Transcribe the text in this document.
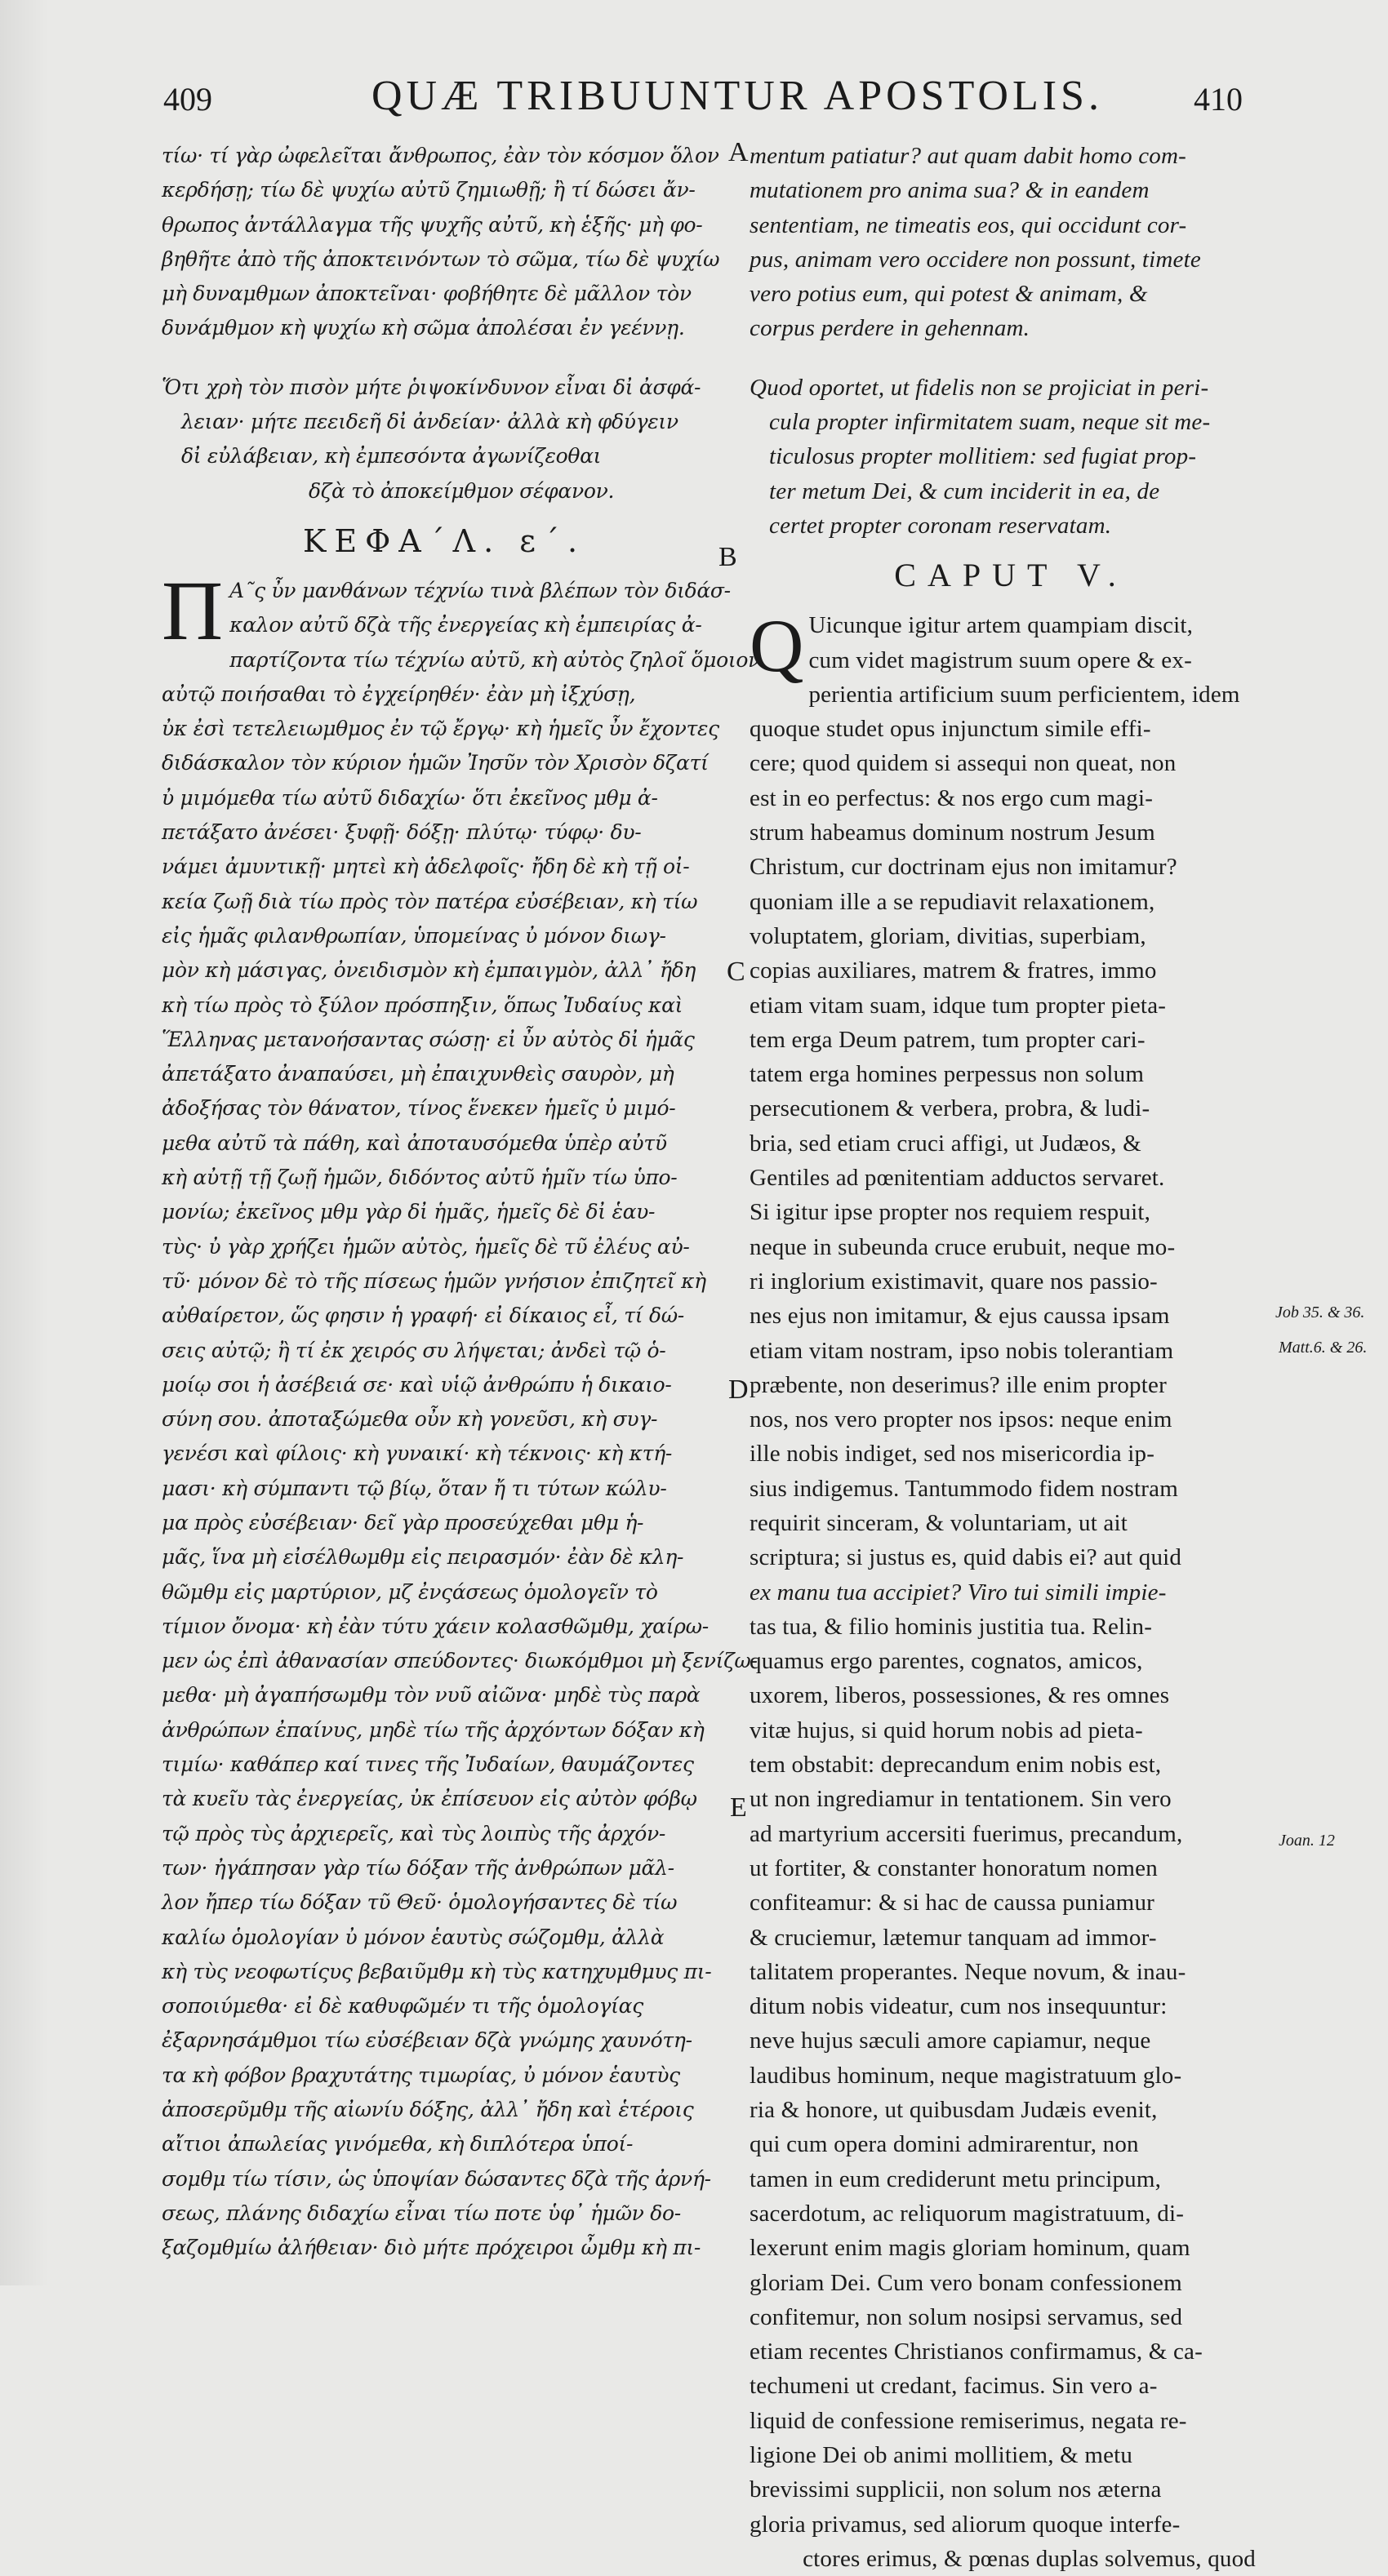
409	QUÆ TRIBUUNTUR APOSTOLIS.	410
τίω· τί γὰρ ὠφελεῖται ἄνθρωπος, ἐὰν τὸν κόσμον ὅλον
κερδήσῃ; τίω δὲ ψυχίω αὐτῦ ζημιωθῇ; ἢ τί δώσει ἄν-
θρωπος ἀντάλλαγμα τῆς ψυχῆς αὐτῦ, κὴ ἑξῆς· μὴ φο-
βηθῆτε ἀπὸ τῆς ἀποκτεινόντων τὸ σῶμα, τίω δὲ ψυχίω
μὴ δυναμθμων ἀποκτεῖναι· φοβήθητε δὲ μᾶλλον τὸν
δυνάμθμον κὴ ψυχίω κὴ σῶμα ἀπολέσαι ἐν γεέννῃ.
Ὅτι χρὴ τὸν πισὸν μήτε ῥιψοκίνδυνον εἶναι δἰ ἀσφά-
λειαν· μήτε πεειδεῆ δἰ ἀνδείαν· ἀλλὰ κὴ φδύγειν
δἰ εὐλάβειαν, κὴ ἐμπεσόντα ἀγωνίζεοθαι
δζὰ τὸ ἀποκείμθμον σέφανον.
ΚΕΦΑ´Λ. ε´.
Π Α῀ς ὖν μανθάνων τέχνίω τινὰ βλέπων τὸν διδάσ-
καλον αὐτῦ δζὰ τῆς ἐνεργείας κὴ ἐμπειρίας ἀ-
παρτίζοντα τίω τέχνίω αὐτῦ, κὴ αὐτὸς ζηλοῖ ὅμοιον
αὐτῷ ποιήσαθαι τὸ ἐγχείρηθέν· ἐὰν μὴ ἰξχύσῃ,
ὐκ ἐσὶ τετελειωμθμος ἐν τῷ ἔργῳ· κὴ ἡμεῖς ὖν ἔχοντες
διδάσκαλον τὸν κύριον ἡμῶν Ἰησῦν τὸν Χρισὸν δζατί
ὐ μιμόμεθα τίω αὐτῦ διδαχίω· ὅτι ἐκεῖνος μθμ ἀ-
πετάξατο ἀνέσει· ξυφῇ· δόξῃ· πλύτῳ· τύφῳ· δυ-
νάμει ἀμυντικῇ· μητεὶ κὴ ἀδελφοῖς· ἤδη δὲ κὴ τῇ οἰ-
κεία ζωῇ διὰ τίω πρὸς τὸν πατέρα εὐσέβειαν, κὴ τίω
εἰς ἡμᾶς φιλανθρωπίαν, ὑπομείνας ὐ μόνον διωγ-
μὸν κὴ μάσιγας, ὀνειδισμὸν κὴ ἐμπαιγμὸν, ἀλλ᾽ ἤδη
κὴ τίω πρὸς τὸ ξύλον πρόσπηξιν, ὅπως Ἰυδαίυς καὶ
Ἕλληνας μετανοήσαντας σώσῃ· εἰ ὖν αὐτὸς δἰ ἡμᾶς
ἀπετάξατο ἀναπαύσει, μὴ ἐπαιχυνθεὶς σαυρὸν, μὴ
ἀδοξήσας τὸν θάνατον, τίνος ἕνεκεν ἡμεῖς ὐ μιμό-
μεθα αὐτῦ τὰ πάθη, καὶ ἀποταυσόμεθα ὑπὲρ αὐτῦ
κὴ αὐτῇ τῇ ζωῇ ἡμῶν, διδόντος αὐτῦ ἡμῖν τίω ὑπο-
μονίω; ἐκεῖνος μθμ γὰρ δἰ ἡμᾶς, ἡμεῖς δὲ δἰ ἑαυ-
τὺς· ὐ γὰρ χρήζει ἡμῶν αὐτὸς, ἡμεῖς δὲ τῦ ἐλέυς αὐ-
τῦ· μόνον δὲ τὸ τῆς πίσεως ἡμῶν γνήσιον ἐπιζητεῖ κὴ
αὐθαίρετον, ὥς φησιν ἡ γραφή· εἰ δίκαιος εἶ, τί δώ-
σεις αὐτῷ; ἢ τί ἐκ χειρός συ λήψεται; ἀνδεὶ τῷ ὁ-
μοίῳ σοι ἡ ἀσέβειά σε· καὶ υἱῷ ἀνθρώπυ ἡ δικαιο-
σύνη σου. ἀποταξώμεθα οὖν κὴ γονεῦσι, κὴ συγ-
γενέσι καὶ φίλοις· κὴ γυναικί· κὴ τέκνοις· κὴ κτή-
μασι· κὴ σύμπαντι τῷ βίῳ, ὅταν ἤ τι τύτων κώλυ-
μα πρὸς εὐσέβειαν· δεῖ γὰρ προσεύχεθαι μθμ ἡ-
μᾶς, ἵνα μὴ εἰσέλθωμθμ εἰς πειρασμόν· ἐὰν δὲ κλη-
θῶμθμ εἰς μαρτύριον, μζ ἐνςάσεως ὁμολογεῖν τὸ
τίμιον ὄνομα· κὴ ἐὰν τύτυ χάειν κολασθῶμθμ, χαίρω-
μεν ὡς ἐπὶ ἀθανασίαν σπεύδοντες· διωκόμθμοι μὴ ξενίζω-
μεθα· μὴ ἀγαπήσωμθμ τὸν νυῦ αἰῶνα· μηδὲ τὺς παρὰ
ἀνθρώπων ἐπαίνυς, μηδὲ τίω τῆς ἀρχόντων δόξαν κὴ
τιμίω· καθάπερ καί τινες τῆς Ἰυδαίων, θαυμάζοντες
τὰ κυεῖυ τὰς ἐνεργείας, ὐκ ἐπίσευον εἰς αὐτὸν φόβῳ
τῷ πρὸς τὺς ἀρχιερεῖς, καὶ τὺς λοιπὺς τῆς ἀρχόν-
των· ἠγάπησαν γὰρ τίω δόξαν τῆς ἀνθρώπων μᾶλ-
λον ἤπερ τίω δόξαν τῦ Θεῦ· ὁμολογήσαντες δὲ τίω
καλίω ὁμολογίαν ὐ μόνον ἑαυτὺς σώζομθμ, ἀλλὰ
κὴ τὺς νεοφωτίςυς βεβαιῦμθμ κὴ τὺς κατηχυμθμυς πι-
σοποιύμεθα· εἰ δὲ καθυφῶμέν τι τῆς ὁμολογίας
ἐξαρνησάμθμοι τίω εὐσέβειαν δζὰ γνώμης χαυνότη-
τα κὴ φόβον βραχυτάτης τιμωρίας, ὐ μόνον ἑαυτὺς
ἀποσερῦμθμ τῆς αἰωνίυ δόξης, ἀλλ᾽ ἤδη καὶ ἑτέροις
αἴτιοι ἀπωλείας γινόμεθα, κὴ διπλότερα ὑποί-
σομθμ τίω τίσιν, ὡς ὑποψίαν δώσαντες δζὰ τῆς ἀρνή-
σεως, πλάνης διδαχίω εἶναι τίω ποτε ὑφ᾽ ἡμῶν δο-
ξαζομθμίω ἀλήθειαν· διὸ μήτε πρόχειροι ὦμθμ κὴ πι-
mentum patiatur? aut quam dabit homo com-
mutationem pro anima sua? & in eandem
sententiam, ne timeatis eos, qui occidunt cor-
pus, animam vero occidere non possunt, timete
vero potius eum, qui potest & animam, &
corpus perdere in gehennam.
Quod oportet, ut fidelis non se projiciat in peri-
cula propter infirmitatem suam, neque sit me-
ticulosus propter mollitiem: sed fugiat prop-
ter metum Dei, & cum inciderit in ea, de
certet propter coronam reservatam.
CAPUT V.
Q Uicunque igitur artem quampiam discit,
cum videt magistrum suum opere & ex-
perientia artificium suum perficientem, idem
quoque studet opus injunctum simile effi-
cere; quod quidem si assequi non queat, non
est in eo perfectus: & nos ergo cum magi-
strum habeamus dominum nostrum Jesum
Christum, cur doctrinam ejus non imitamur?
quoniam ille a se repudiavit relaxationem,
voluptatem, gloriam, divitias, superbiam,
copias auxiliares, matrem & fratres, immo
etiam vitam suam, idque tum propter pieta-
tem erga Deum patrem, tum propter cari-
tatem erga homines perpessus non solum
persecutionem & verbera, probra, & ludi-
bria, sed etiam cruci affigi, ut Judæos, &
Gentiles ad pœnitentiam adductos servaret.
Si igitur ipse propter nos requiem respuit,
neque in subeunda cruce erubuit, neque mo-
ri inglorium existimavit, quare nos passio-
nes ejus non imitamur, & ejus caussa ipsam
etiam vitam nostram, ipso nobis tolerantiam
præbente, non deserimus? ille enim propter
nos, nos vero propter nos ipsos: neque enim
ille nobis indiget, sed nos misericordia ip-
sius indigemus. Tantummodo fidem nostram
requirit sinceram, & voluntariam, ut ait
scriptura; si justus es, quid dabis ei? aut quid
ex manu tua accipiet? Viro tui simili impie-
tas tua, & filio hominis justitia tua. Relin-
quamus ergo parentes, cognatos, amicos,
uxorem, liberos, possessiones, & res omnes
vitæ hujus, si quid horum nobis ad pieta-
tem obstabit: deprecandum enim nobis est,
ut non ingrediamur in tentationem. Sin vero
ad martyrium accersiti fuerimus, precandum,
ut fortiter, & constanter honoratum nomen
confiteamur: & si hac de caussa puniamur
& cruciemur, lætemur tanquam ad immor-
talitatem properantes. Neque novum, & inau-
ditum nobis videatur, cum nos insequuntur:
neve hujus sæculi amore capiamur, neque
laudibus hominum, neque magistratuum glo-
ria & honore, ut quibusdam Judæis evenit,
qui cum opera domini admirarentur, non
tamen in eum crediderunt metu principum,
sacerdotum, ac reliquorum magistratuum, di-
lexerunt enim magis gloriam hominum, quam
gloriam Dei. Cum vero bonam confessionem
confitemur, non solum nosipsi servamus, sed
etiam recentes Christianos confirmamus, & ca-
techumeni ut credant, facimus. Sin vero a-
liquid de confessione remiserimus, negata re-
ligione Dei ob animi mollitiem, & metu
brevissimi supplicii, non solum nos æterna
gloria privamus, sed aliorum quoque interfe-
ctores erimus, & pœnas duplas solvemus, quod
A
B
C
D
E
Job 35. & 36.
Matt.6. & 26.
Joan. 12
